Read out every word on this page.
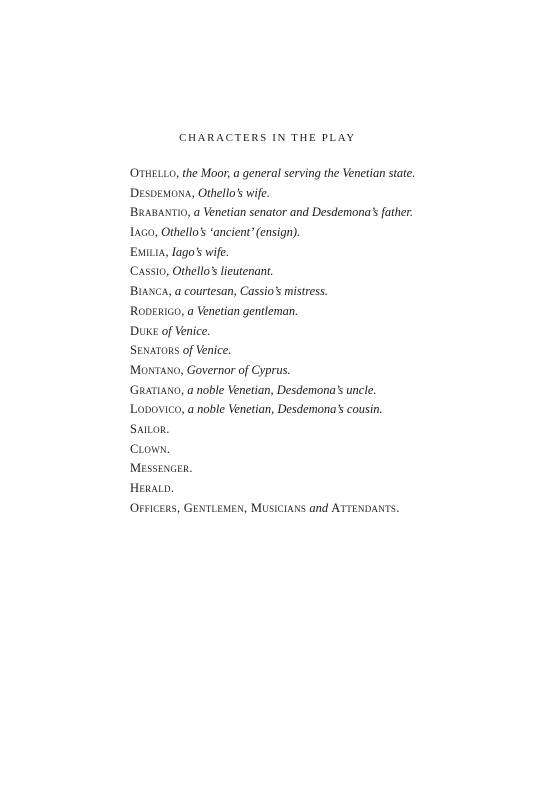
CHARACTERS IN THE PLAY
Othello, the Moor, a general serving the Venetian state.
Desdemona, Othello’s wife.
Brabantio, a Venetian senator and Desdemona’s father.
Iago, Othello’s ‘ancient’ (ensign).
Emilia, Iago’s wife.
Cassio, Othello’s lieutenant.
Bianca, a courtesan, Cassio’s mistress.
Roderigo, a Venetian gentleman.
Duke of Venice.
Senators of Venice.
Montano, Governor of Cyprus.
Gratiano, a noble Venetian, Desdemona’s uncle.
Lodovico, a noble Venetian, Desdemona’s cousin.
Sailor.
Clown.
Messenger.
Herald.
Officers, Gentlemen, Musicians and Attendants.
